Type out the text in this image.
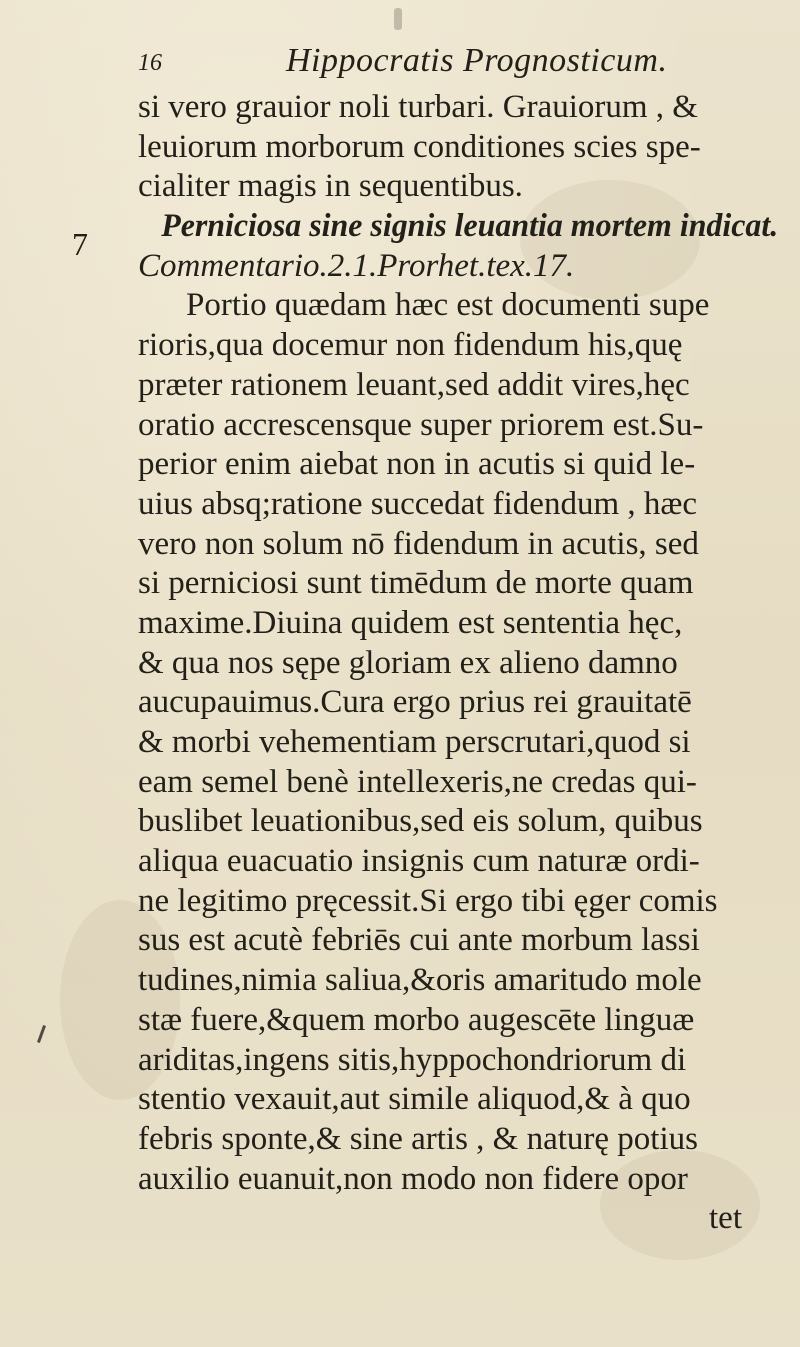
16	Hippocratis Prognosticum.
7
si vero grauior noli turbari. Grauiorum , &
leuiorum morborum conditiones scies spe-
cialiter magis in sequentibus.
Perniciosa sine signis leuantia mortem indicat.
Commentario.2.1.Prorhet.tex.17.
Portio quædam hæc est documenti supe
rioris,qua docemur non fidendum his,quę
præter rationem leuant,sed addit vires,hęc
oratio accrescensque super priorem est.Su-
perior enim aiebat non in acutis si quid le-
uius absq;ratione succedat fidendum , hæc
vero non solum nō fidendum in acutis, sed
si perniciosi sunt timēdum de morte quam
maxime.Diuina quidem est sententia hęc,
& qua nos sępe gloriam ex alieno damno
aucupauimus.Cura ergo prius rei grauitatē
& morbi vehementiam perscrutari,quod si
eam semel benè intellexeris,ne credas qui-
buslibet leuationibus,sed eis solum, quibus
aliqua euacuatio insignis cum naturæ ordi-
ne legitimo pręcessit.Si ergo tibi ęger comis
sus est acutè febriēs cui ante morbum lassi
tudines,nimia saliua,&oris amaritudo mole
stæ fuere,&quem morbo augescēte linguæ
ariditas,ingens sitis,hyppochondriorum di
stentio vexauit,aut simile aliquod,& à quo
febris sponte,& sine artis , & naturę potius
auxilio euanuit,non modo non fidere opor
tet
